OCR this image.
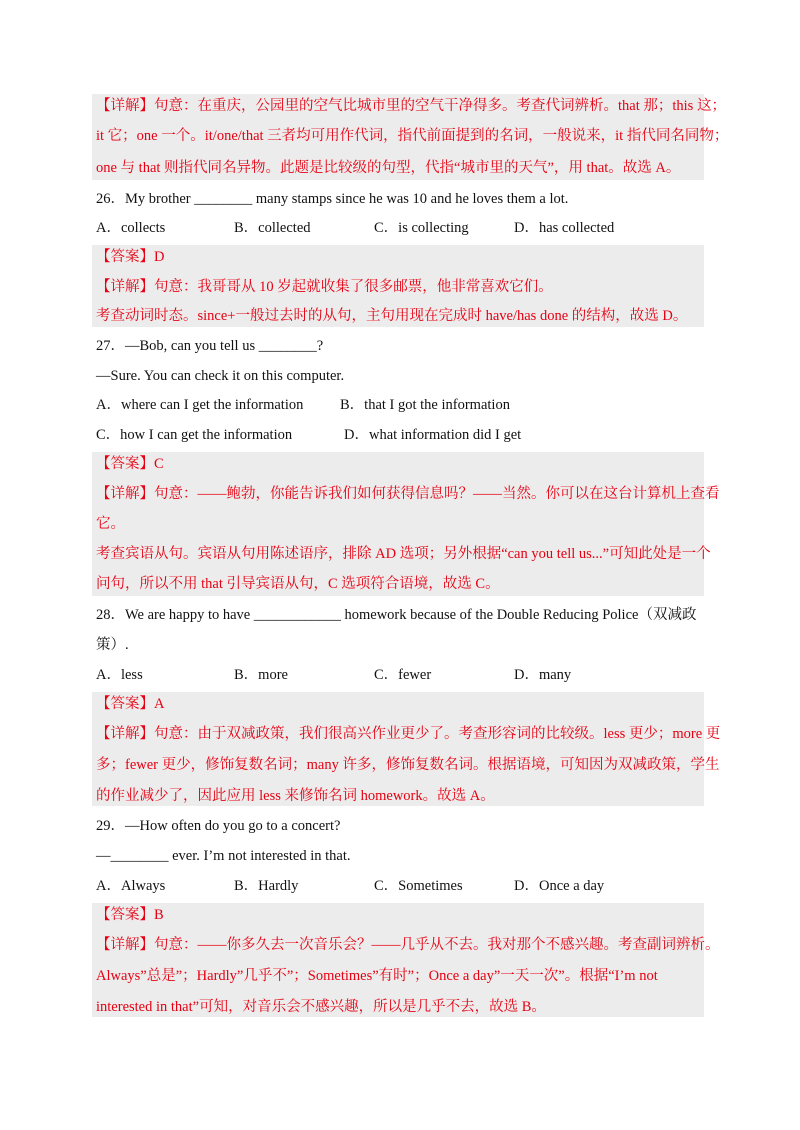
【详解】句意：在重庆，公园里的空气比城市里的空气干净得多。考查代词辨析。that 那；this 这；
it 它；one 一个。it/one/that 三者均可用作代词，指代前面提到的名词，一般说来，it 指代同名同物；
one 与 that 则指代同名异物。此题是比较级的句型，代指“城市里的天气”，用 that。故选 A。
26．My brother ________ many stamps since he was 10 and he loves them a lot.
A．collects	B．collected	C．is collecting	D．has collected
【答案】D
【详解】句意：我哥哥从 10 岁起就收集了很多邮票，他非常喜欢它们。
考查动词时态。since+一般过去时的从句，主句用现在完成时 have/has done 的结构，故选 D。
27．—Bob, can you tell us ________?
—Sure. You can check it on this computer.
A．where can I get the information	B．that I got the information
C．how I can get the information	D．what information did I get
【答案】C
【详解】句意：——鲍勃，你能告诉我们如何获得信息吗？——当然。你可以在这台计算机上查看
它。
考查宾语从句。宾语从句用陈述语序，排除 AD 选项；另外根据“can you tell us...”可知此处是一个
问句，所以不用 that 引导宾语从句，C 选项符合语境，故选 C。
28．We are happy to have ____________ homework because of the Double Reducing Police（双减政
策）.
A．less	B．more	C．fewer	D．many
【答案】A
【详解】句意：由于双减政策，我们很高兴作业更少了。考查形容词的比较级。less 更少；more 更
多；fewer 更少，修饰复数名词；many 许多，修饰复数名词。根据语境，可知因为双减政策，学生
的作业减少了，因此应用 less 来修饰名词 homework。故选 A。
29．—How often do you go to a concert?
—________ ever. I’m not interested in that.
A．Always	B．Hardly	C．Sometimes	D．Once a day
【答案】B
【详解】句意：——你多久去一次音乐会？——几乎从不去。我对那个不感兴趣。考查副词辨析。
Always”总是”；Hardly”几乎不”；Sometimes”有时”；Once a day”一天一次”。根据“I’m not
interested in that”可知，对音乐会不感兴趣，所以是几乎不去，故选 B。
